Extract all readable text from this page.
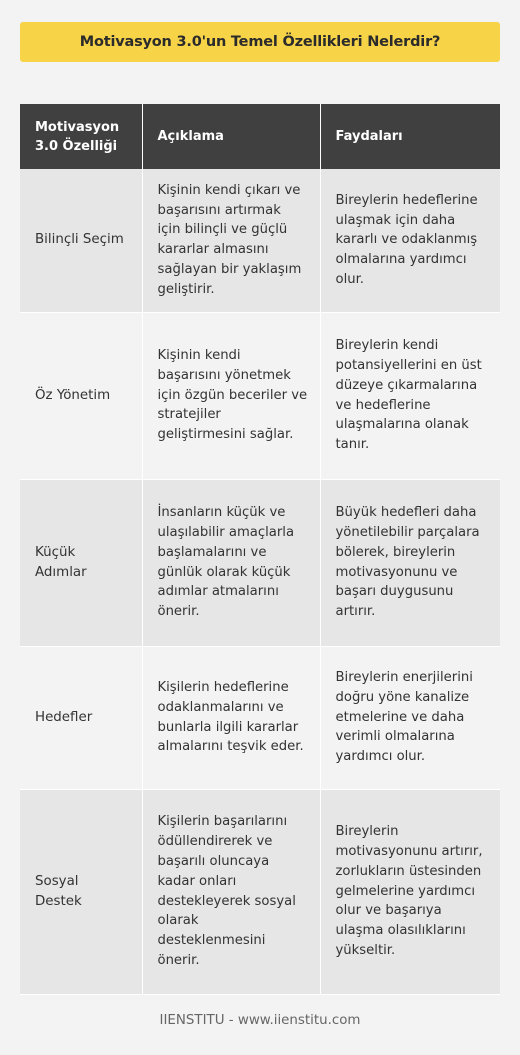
Motivasyon 3.0'un Temel Özellikleri Nelerdir?
Motivasyon 3.0 Özelliği	Açıklama	Faydaları
Bilinçli Seçim	Kişinin kendi çıkarı ve başarısını artırmak için bilinçli ve güçlü kararlar almasını sağlayan bir yaklaşım geliştirir.	Bireylerin hedeflerine ulaşmak için daha kararlı ve odaklanmış olmalarına yardımcı olur.
Öz Yönetim	Kişinin kendi başarısını yönetmek için özgün beceriler ve stratejiler geliştirmesini sağlar.	Bireylerin kendi potansiyellerini en üst düzeye çıkarmalarına ve hedeflerine ulaşmalarına olanak tanır.
Küçük Adımlar	İnsanların küçük ve ulaşılabilir amaçlarla başlamalarını ve günlük olarak küçük adımlar atmalarını önerir.	Büyük hedefleri daha yönetilebilir parçalara bölerek, bireylerin motivasyonunu ve başarı duygusunu artırır.
Hedefler	Kişilerin hedeflerine odaklanmalarını ve bunlarla ilgili kararlar almalarını teşvik eder.	Bireylerin enerjilerini doğru yöne kanalize etmelerine ve daha verimli olmalarına yardımcı olur.
Sosyal Destek	Kişilerin başarılarını ödüllendirerek ve başarılı oluncaya kadar onları destekleyerek sosyal olarak desteklenmesini önerir.	Bireylerin motivasyonunu artırır, zorlukların üstesinden gelmelerine yardımcı olur ve başarıya ulaşma olasılıklarını yükseltir.
IIENSTITU - www.iienstitu.com
